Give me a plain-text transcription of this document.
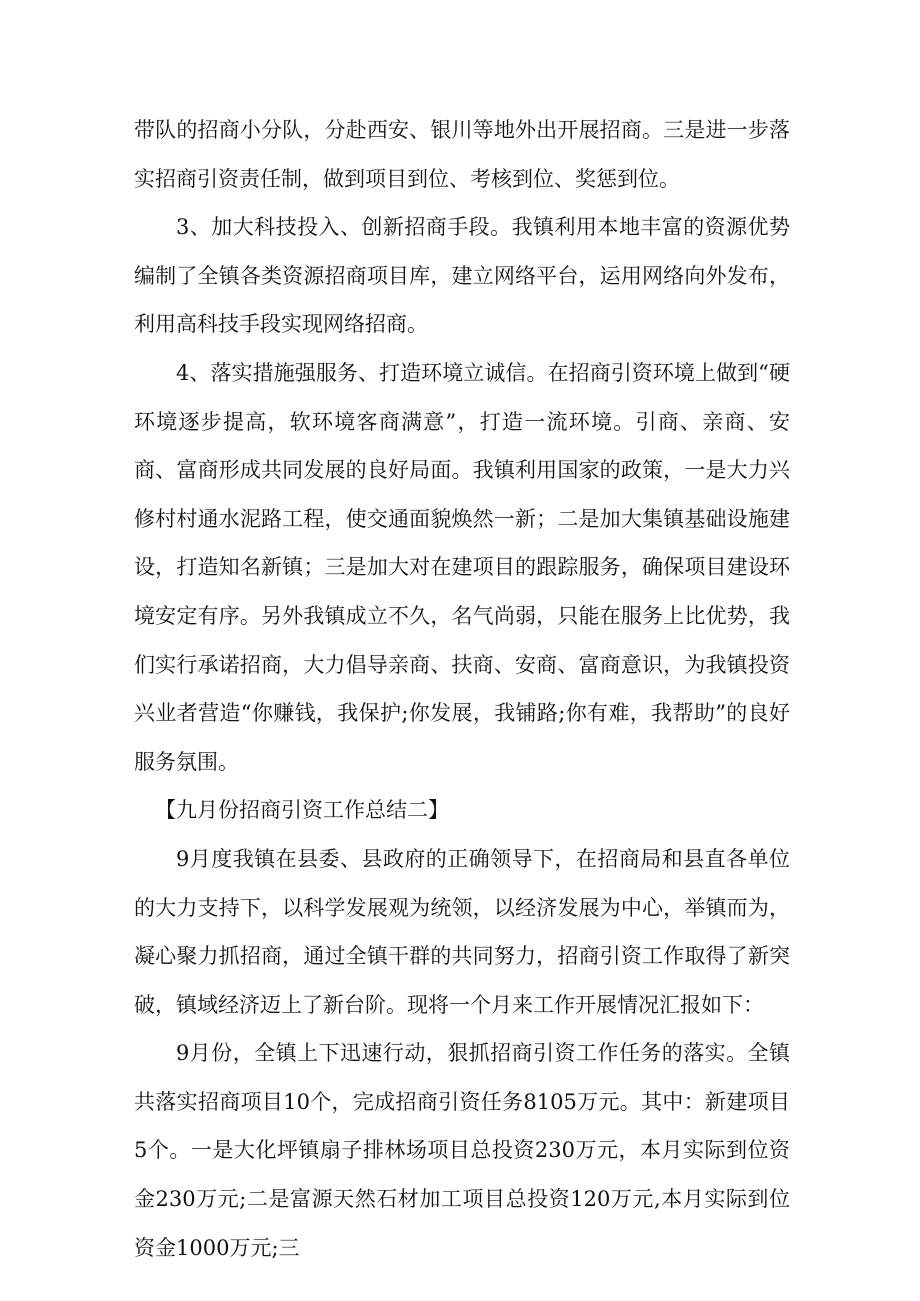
带队的招商小分队，分赴西安、银川等地外出开展招商。三是进一步落实招商引资责任制，做到项目到位、考核到位、奖惩到位。

3、加大科技投入、创新招商手段。我镇利用本地丰富的资源优势编制了全镇各类资源招商项目库，建立网络平台，运用网络向外发布，利用高科技手段实现网络招商。

4、落实措施强服务、打造环境立诚信。在招商引资环境上做到“硬环境逐步提高，软环境客商满意”，打造一流环境。引商、亲商、安商、富商形成共同发展的良好局面。我镇利用国家的政策，一是大力兴修村村通水泥路工程，使交通面貌焕然一新；二是加大集镇基础设施建设，打造知名新镇；三是加大对在建项目的跟踪服务，确保项目建设环境安定有序。另外我镇成立不久，名气尚弱，只能在服务上比优势，我们实行承诺招商，大力倡导亲商、扶商、安商、富商意识，为我镇投资兴业者营造“你赚钱，我保护;你发展，我铺路;你有难，我帮助”的良好服务氛围。

【九月份招商引资工作总结二】

9月度我镇在县委、县政府的正确领导下，在招商局和县直各单位的大力支持下，以科学发展观为统领，以经济发展为中心，举镇而为，凝心聚力抓招商，通过全镇干群的共同努力，招商引资工作取得了新突破，镇域经济迈上了新台阶。现将一个月来工作开展情况汇报如下：

9月份，全镇上下迅速行动，狠抓招商引资工作任务的落实。全镇共落实招商项目10个，完成招商引资任务8105万元。其中：新建项目5个。一是大化坪镇扇子排林场项目总投资230万元，本月实际到位资金230万元;二是富源天然石材加工项目总投资120万元,本月实际到位资金1000万元;三
